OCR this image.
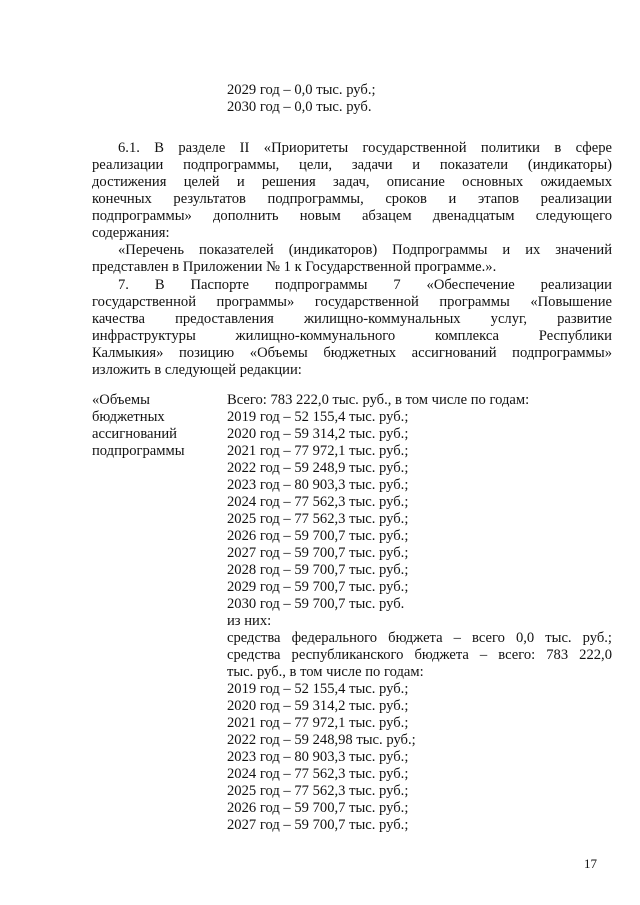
2029 год – 0,0 тыс. руб.;
2030 год – 0,0 тыс. руб.
6.1. В разделе II «Приоритеты государственной политики в сфере
реализации подпрограммы, цели, задачи и показатели (индикаторы)
достижения целей и решения задач, описание основных ожидаемых
конечных результатов подпрограммы, сроков и этапов реализации
подпрограммы» дополнить новым абзацем двенадцатым следующего
содержания:
«Перечень показателей (индикаторов) Подпрограммы и их значений
представлен в Приложении № 1 к Государственной программе.».
7. В Паспорте подпрограммы 7 «Обеспечение реализации
государственной программы» государственной программы «Повышение
качества предоставления жилищно-коммунальных услуг, развитие
инфраструктуры жилищно-коммунального комплекса Республики
Калмыкия» позицию «Объемы бюджетных ассигнований подпрограммы»
изложить в следующей редакции:
«Объемы
бюджетных
ассигнований
подпрограммы
Всего: 783 222,0 тыс. руб., в том числе по годам:
2019 год – 52 155,4 тыс. руб.;
2020 год – 59 314,2 тыс. руб.;
2021 год – 77 972,1 тыс. руб.;
2022 год – 59 248,9 тыс. руб.;
2023 год – 80 903,3 тыс. руб.;
2024 год – 77 562,3 тыс. руб.;
2025 год – 77 562,3 тыс. руб.;
2026 год – 59 700,7 тыс. руб.;
2027 год – 59 700,7 тыс. руб.;
2028 год – 59 700,7 тыс. руб.;
2029 год – 59 700,7 тыс. руб.;
2030 год – 59 700,7 тыс. руб.
из них:
средства федерального бюджета – всего 0,0 тыс. руб.;
средства республиканского бюджета – всего: 783 222,0
тыс. руб., в том числе по годам:
2019 год – 52 155,4 тыс. руб.;
2020 год – 59 314,2 тыс. руб.;
2021 год – 77 972,1 тыс. руб.;
2022 год – 59 248,98 тыс. руб.;
2023 год – 80 903,3 тыс. руб.;
2024 год – 77 562,3 тыс. руб.;
2025 год – 77 562,3 тыс. руб.;
2026 год – 59 700,7 тыс. руб.;
2027 год – 59 700,7 тыс. руб.;
17
